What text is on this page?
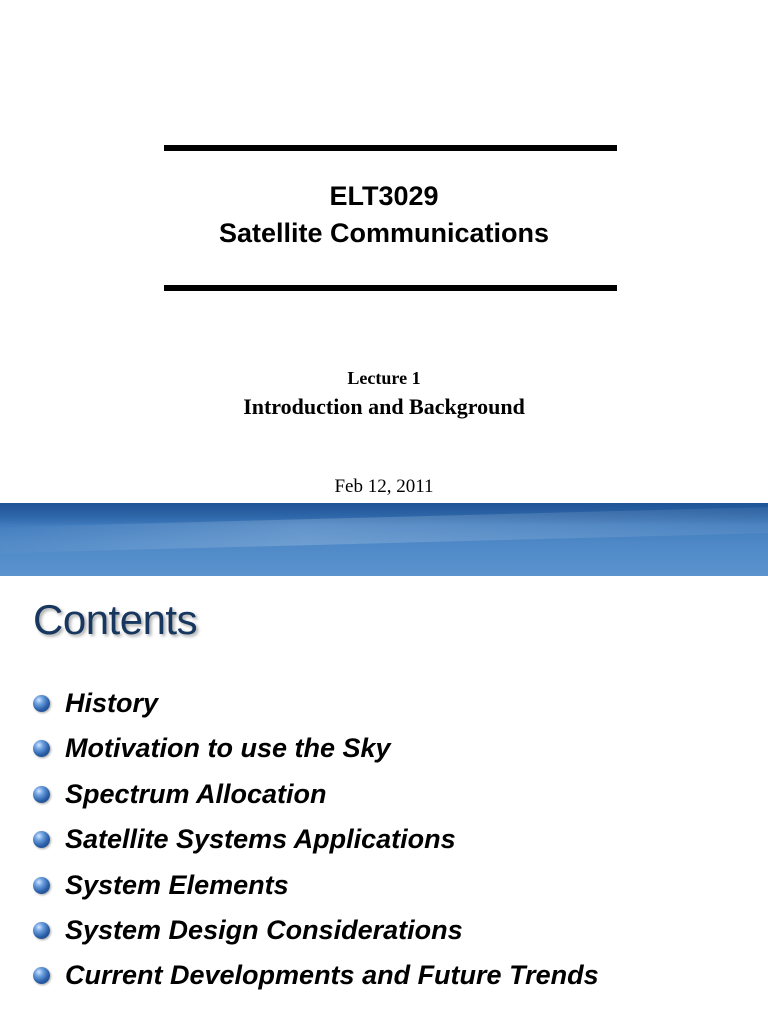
ELT3029
Satellite Communications
Lecture 1
Introduction and Background
Feb 12, 2011
Contents
History
Motivation to use the Sky
Spectrum Allocation
Satellite Systems Applications
System Elements
System Design Considerations
Current Developments and Future Trends
